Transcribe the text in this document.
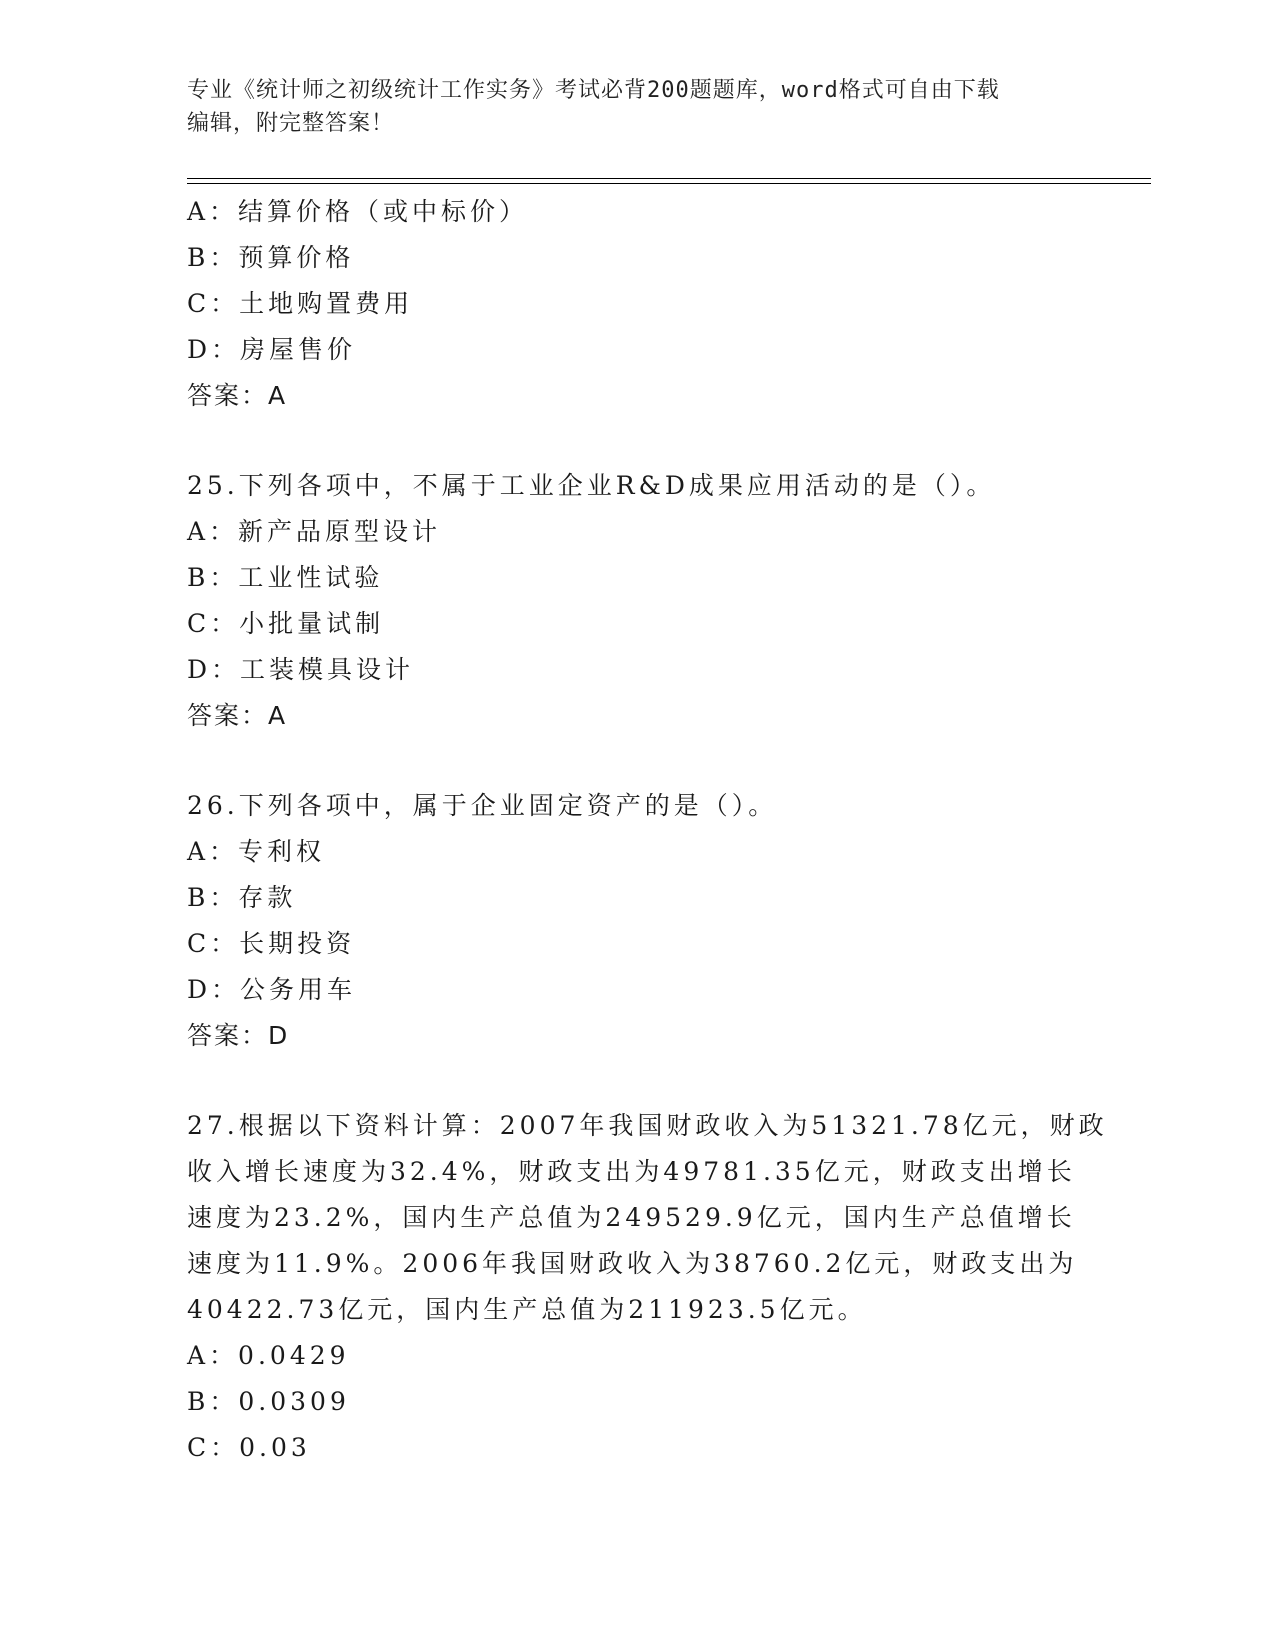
专业《统计师之初级统计工作实务》考试必背200题题库，word格式可自由下载
编辑，附完整答案！
A：结算价格（或中标价）
B：预算价格
C：土地购置费用
D：房屋售价
答案：A
25.下列各项中，不属于工业企业R&D成果应用活动的是（）。
A：新产品原型设计
B：工业性试验
C：小批量试制
D：工装模具设计
答案：A
26.下列各项中，属于企业固定资产的是（）。
A：专利权
B：存款
C：长期投资
D：公务用车
答案：D
27.根据以下资料计算：2007年我国财政收入为51321.78亿元，财政
收入增长速度为32.4%，财政支出为49781.35亿元，财政支出增长
速度为23.2%，国内生产总值为249529.9亿元，国内生产总值增长
速度为11.9%。2006年我国财政收入为38760.2亿元，财政支出为
40422.73亿元，国内生产总值为211923.5亿元。
A：0.0429
B：0.0309
C：0.03
